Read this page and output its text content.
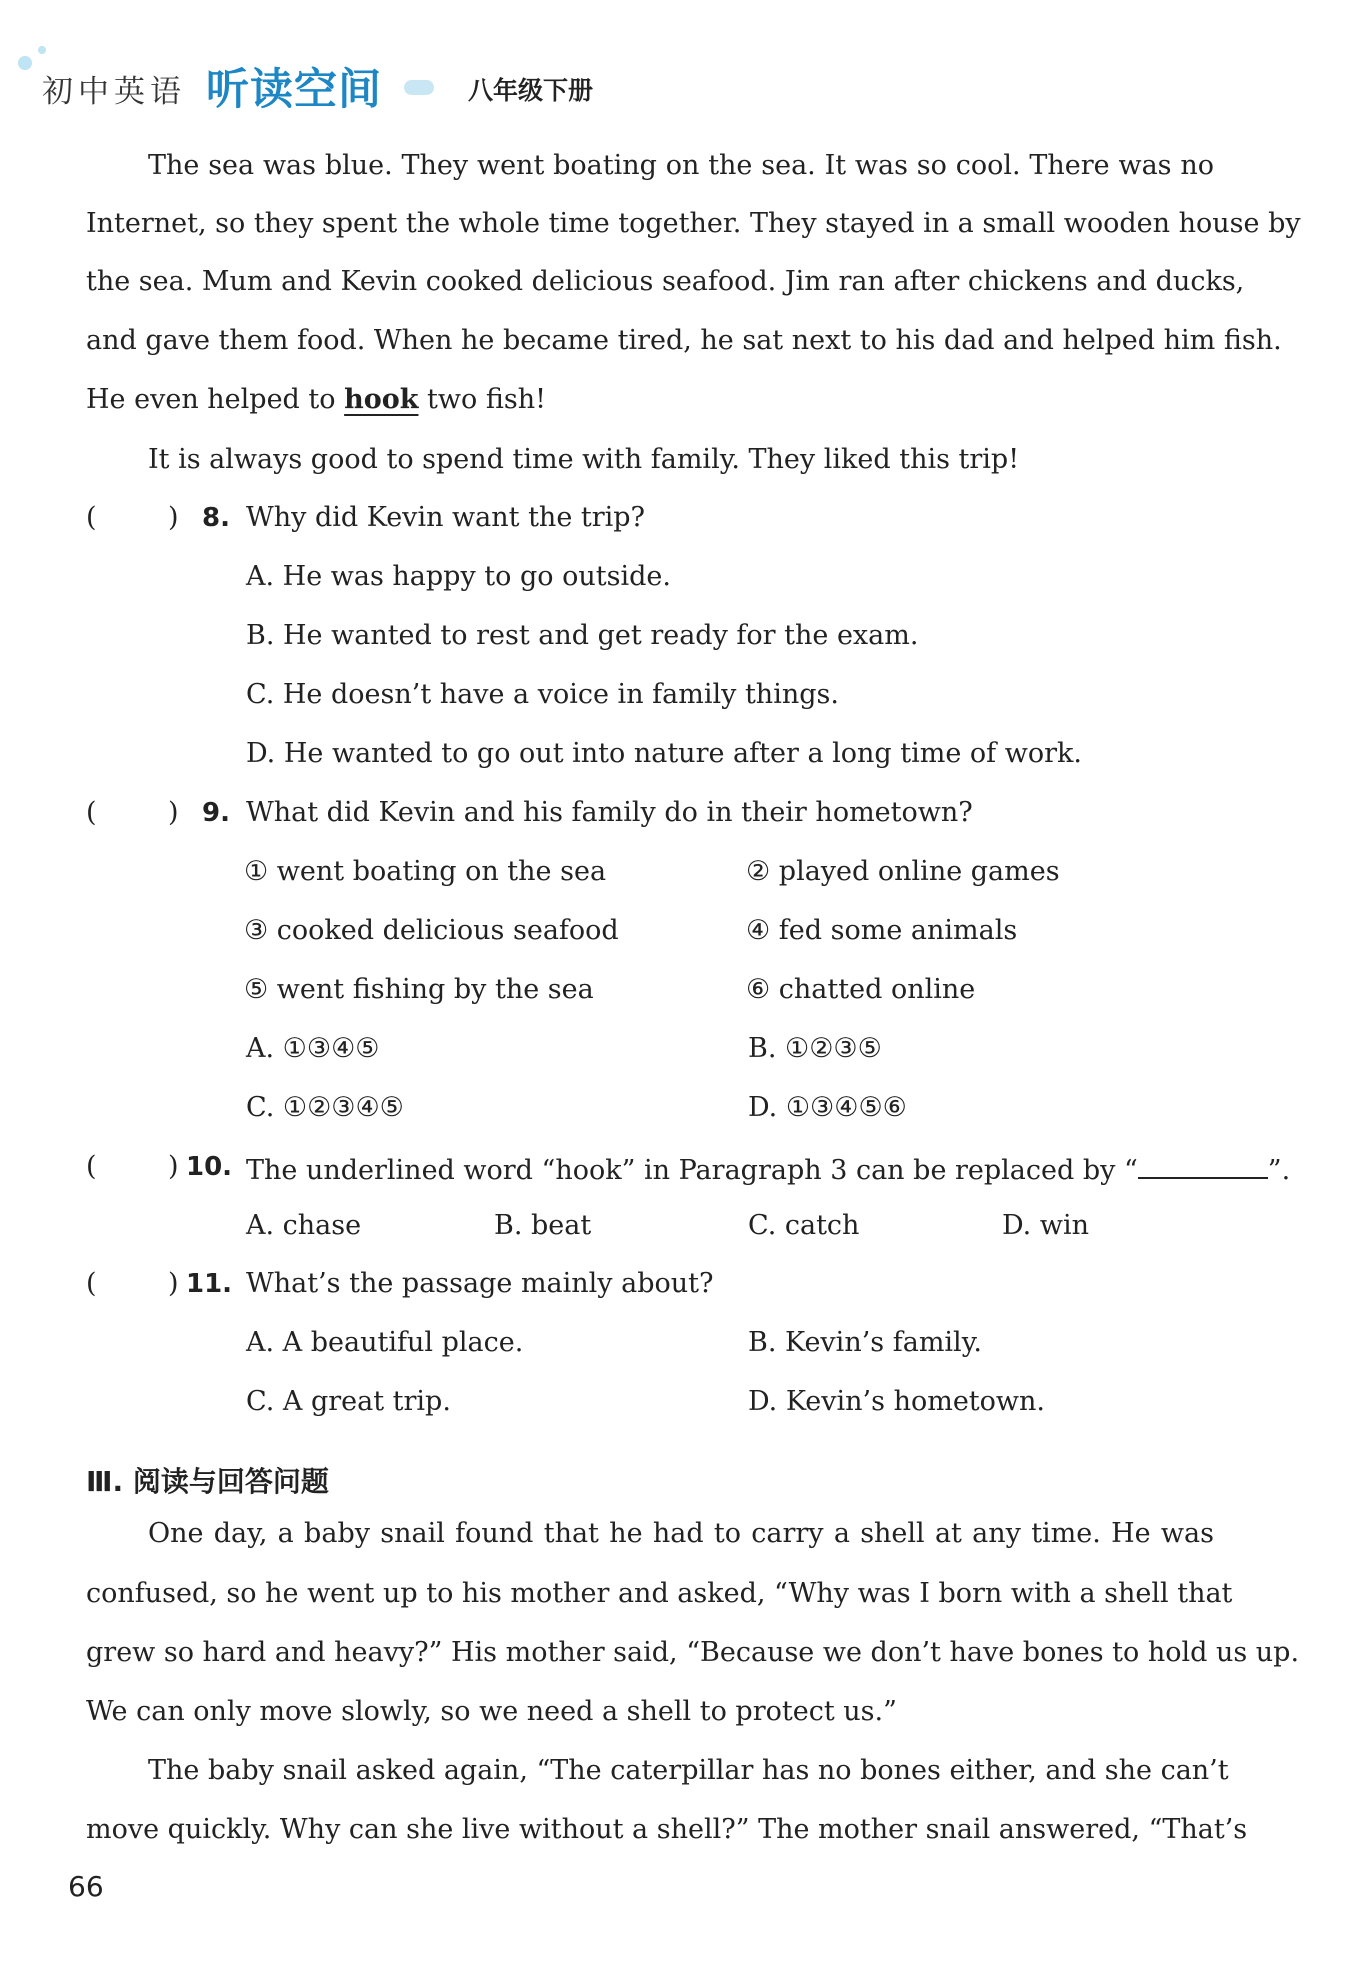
初中英语 听读空间	八年级下册
The sea was blue. They went boating on the sea. It was so cool. There was no
Internet, so they spent the whole time together. They stayed in a small wooden house by
the sea. Mum and Kevin cooked delicious seafood. Jim ran after chickens and ducks,
and gave them food. When he became tired, he sat next to his dad and helped him fish.
He even helped to hook two fish!
It is always good to spend time with family. They liked this trip!
(	) 8. Why did Kevin want the trip?
A. He was happy to go outside.
B. He wanted to rest and get ready for the exam.
C. He doesn’t have a voice in family things.
D. He wanted to go out into nature after a long time of work.
(	) 9. What did Kevin and his family do in their hometown?
① went boating on the sea	② played online games
③ cooked delicious seafood	④ fed some animals
⑤ went fishing by the sea	⑥ chatted online
A. ①③④⑤	B. ①②③⑤
C. ①②③④⑤	D. ①③④⑤⑥
(	) 10. The underlined word “hook” in Paragraph 3 can be replaced by “	”.
A. chase	B. beat	C. catch	D. win
(	) 11. What’s the passage mainly about?
A. A beautiful place.	B. Kevin’s family.
C. A great trip.	D. Kevin’s hometown.
Ⅲ. 阅读与回答问题
One day, a baby snail found that he had to carry a shell at any time. He was
confused, so he went up to his mother and asked, “Why was I born with a shell that
grew so hard and heavy?” His mother said, “Because we don’t have bones to hold us up.
We can only move slowly, so we need a shell to protect us.”
The baby snail asked again, “The caterpillar has no bones either, and she can’t
move quickly. Why can she live without a shell?” The mother snail answered, “That’s
66
